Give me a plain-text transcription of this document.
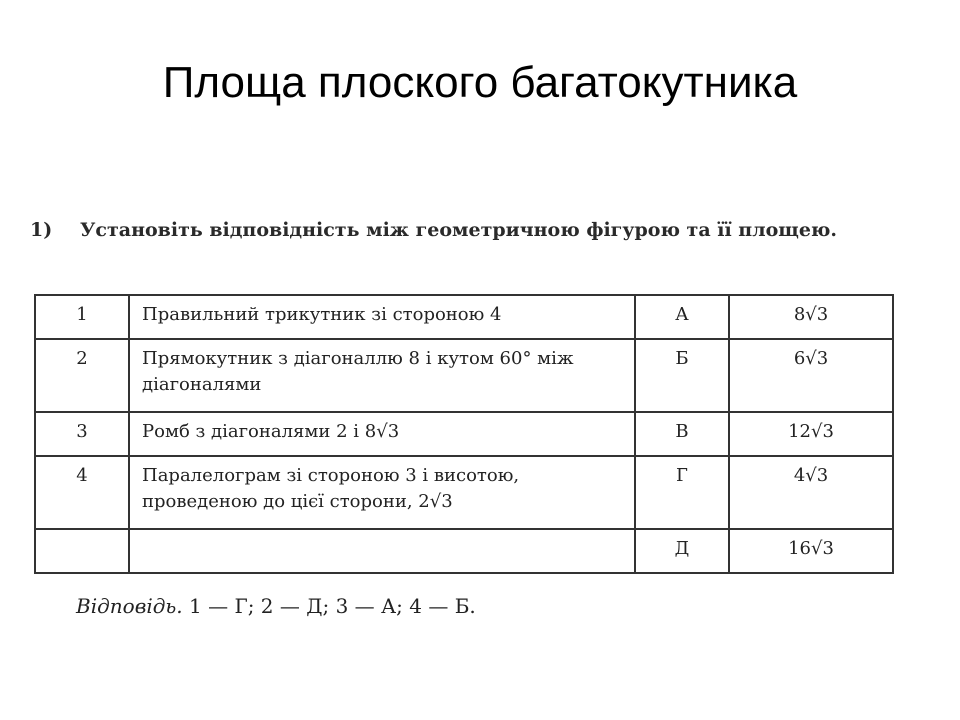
Площа плоского багатокутника
1) Установіть відповідність між геометричною фігурою та її площею.
1	Правильний трикутник зі стороною 4	А	8√3
2	Прямокутник з діагоналлю 8 і кутом 60° між діагоналями	Б	6√3
3	Ромб з діагоналями 2 і 8√3	В	12√3
4	Паралелограм зі стороною 3 і висотою, проведеною до цієї сторони, 2√3	Г	4√3
		Д	16√3
Відповідь. 1 — Г; 2 — Д; 3 — А; 4 — Б.
